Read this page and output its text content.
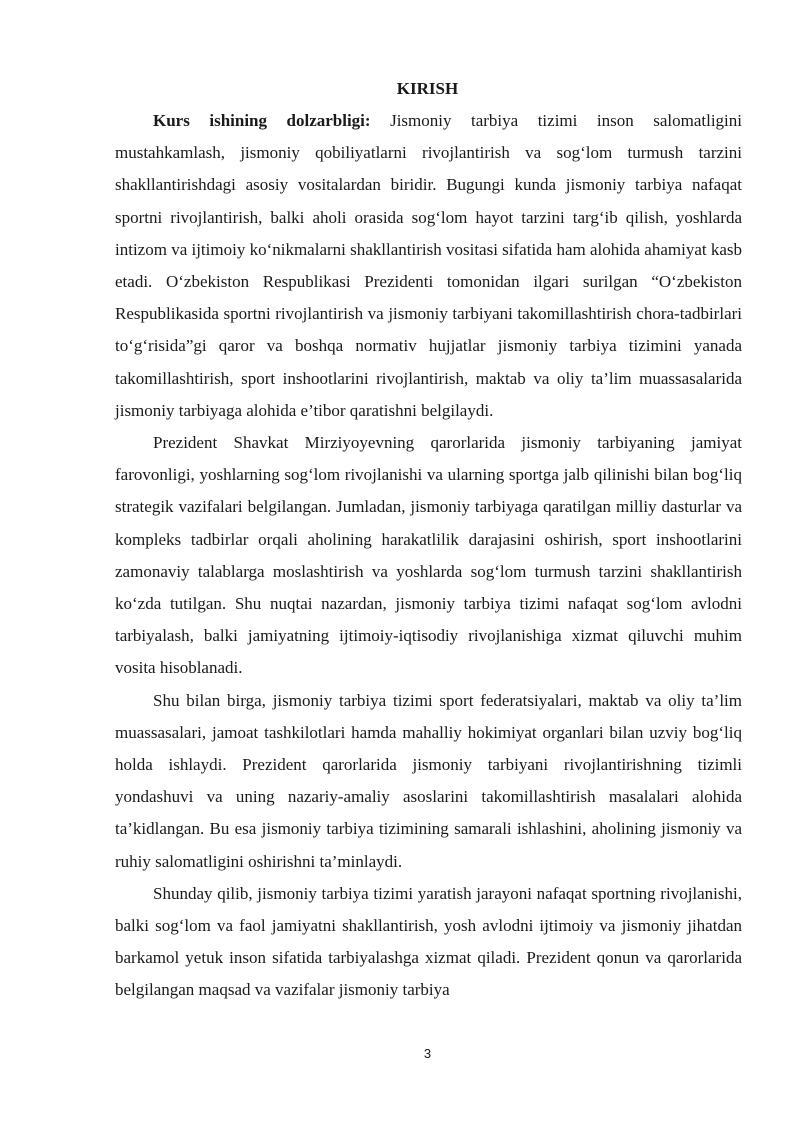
KIRISH

Kurs ishining dolzarbligi: Jismoniy tarbiya tizimi inson salomatligini mustahkamlash, jismoniy qobiliyatlarni rivojlantirish va sog‘lom turmush tarzini shakllantirishdagi asosiy vositalardan biridir. Bugungi kunda jismoniy tarbiya nafaqat sportni rivojlantirish, balki aholi orasida sog‘lom hayot tarzini targ‘ib qilish, yoshlarda intizom va ijtimoiy ko‘nikmalarni shakllantirish vositasi sifatida ham alohida ahamiyat kasb etadi. O‘zbekiston Respublikasi Prezidenti tomonidan ilgari surilgan “O‘zbekiston Respublikasida sportni rivojlantirish va jismoniy tarbiyani takomillashtirish chora-tadbirlari to‘g‘risida”gi qaror va boshqa normativ hujjatlar jismoniy tarbiya tizimini yanada takomillashtirish, sport inshootlarini rivojlantirish, maktab va oliy ta’lim muassasalarida jismoniy tarbiyaga alohida e’tibor qaratishni belgilaydi.

Prezident Shavkat Mirziyoyevning qarorlarida jismoniy tarbiyaning jamiyat farovonligi, yoshlarning sog‘lom rivojlanishi va ularning sportga jalb qilinishi bilan bog‘liq strategik vazifalari belgilangan. Jumladan, jismoniy tarbiyaga qaratilgan milliy dasturlar va kompleks tadbirlar orqali aholining harakatlilik darajasini oshirish, sport inshootlarini zamonaviy talablarga moslashtirish va yoshlarda sog‘lom turmush tarzini shakllantirish ko‘zda tutilgan. Shu nuqtai nazardan, jismoniy tarbiya tizimi nafaqat sog‘lom avlodni tarbiyalash, balki jamiyatning ijtimoiy-iqtisodiy rivojlanishiga xizmat qiluvchi muhim vosita hisoblanadi.

Shu bilan birga, jismoniy tarbiya tizimi sport federatsiyalari, maktab va oliy ta’lim muassasalari, jamoat tashkilotlari hamda mahalliy hokimiyat organlari bilan uzviy bog‘liq holda ishlaydi. Prezident qarorlarida jismoniy tarbiyani rivojlantirishning tizimli yondashuvi va uning nazariy-amaliy asoslarini takomillashtirish masalalari alohida ta’kidlangan. Bu esa jismoniy tarbiya tizimining samarali ishlashini, aholining jismoniy va ruhiy salomatligini oshirishni ta’minlaydi.

Shunday qilib, jismoniy tarbiya tizimi yaratish jarayoni nafaqat sportning rivojlanishi, balki sog‘lom va faol jamiyatni shakllantirish, yosh avlodni ijtimoiy va jismoniy jihatdan barkamol yetuk inson sifatida tarbiyalashga xizmat qiladi. Prezident qonun va qarorlarida belgilangan maqsad va vazifalar jismoniy tarbiya

3
